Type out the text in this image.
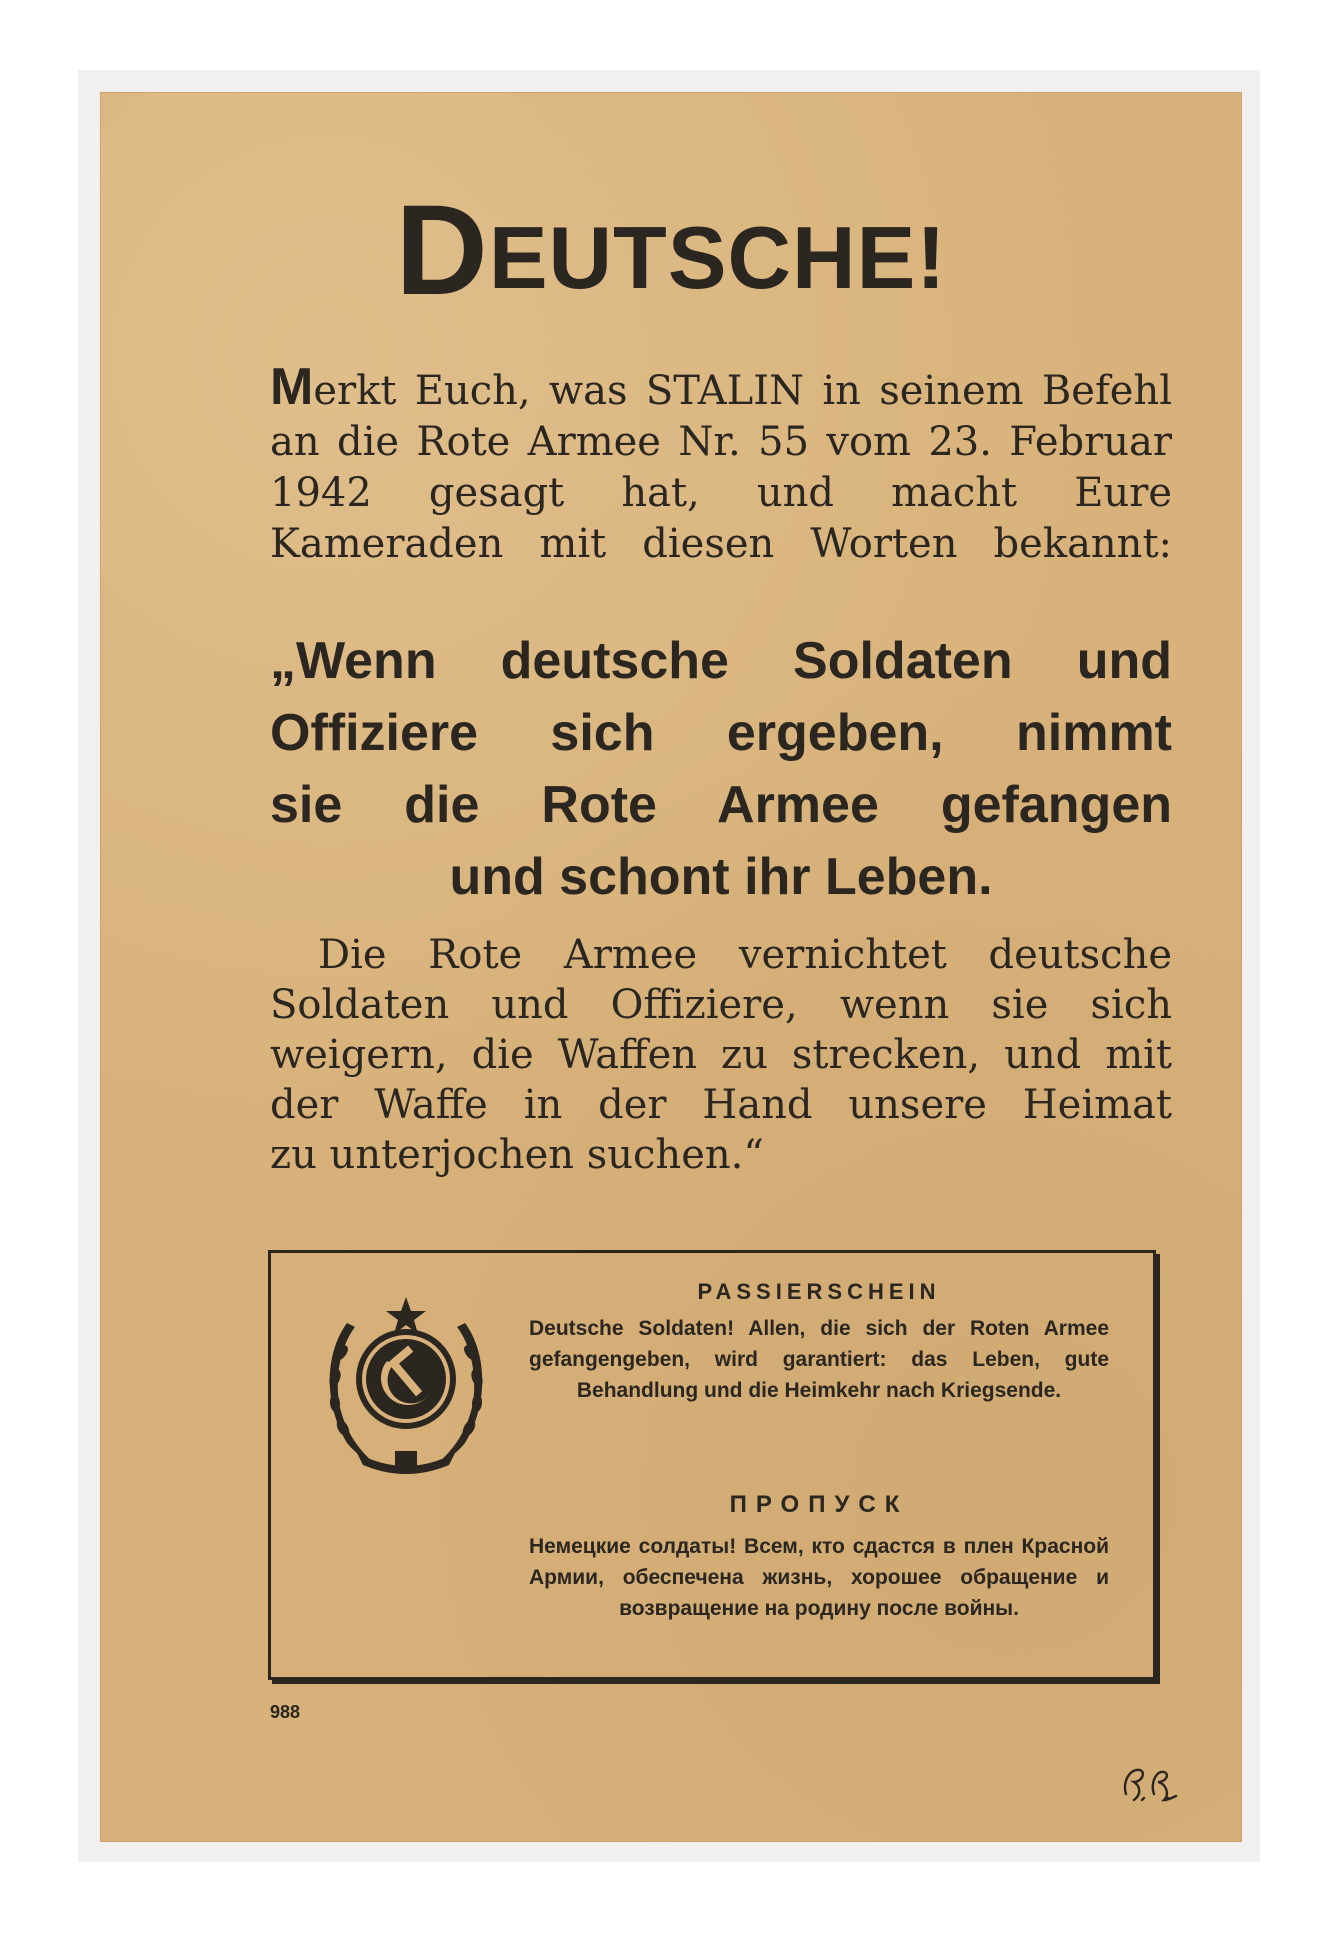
DEUTSCHE!
Merkt Euch, was STALIN in seinem Befehl an die Rote Armee Nr. 55 vom 23. Februar 1942 gesagt hat, und macht Eure Kameraden mit diesen Worten bekannt:
„Wenn deutsche Soldaten und
Offiziere sich ergeben, nimmt
sie die Rote Armee gefangen
und schont ihr Leben.
Die Rote Armee vernichtet deutsche
Soldaten und Offiziere, wenn sie sich
weigern, die Waffen zu strecken, und mit
der Waffe in der Hand unsere Heimat
zu unterjochen suchen.“
PASSIERSCHEIN
Deutsche Soldaten! Allen, die sich der Roten Armee gefangengeben, wird garantiert: das Leben, gute Behandlung und die Heimkehr nach Kriegsende.
ПРОПУСК
Немецкие солдаты! Всем, кто сдастся в плен Красной Армии, обеспечена жизнь, хорошее обращение и возвращение на родину после войны.
988
